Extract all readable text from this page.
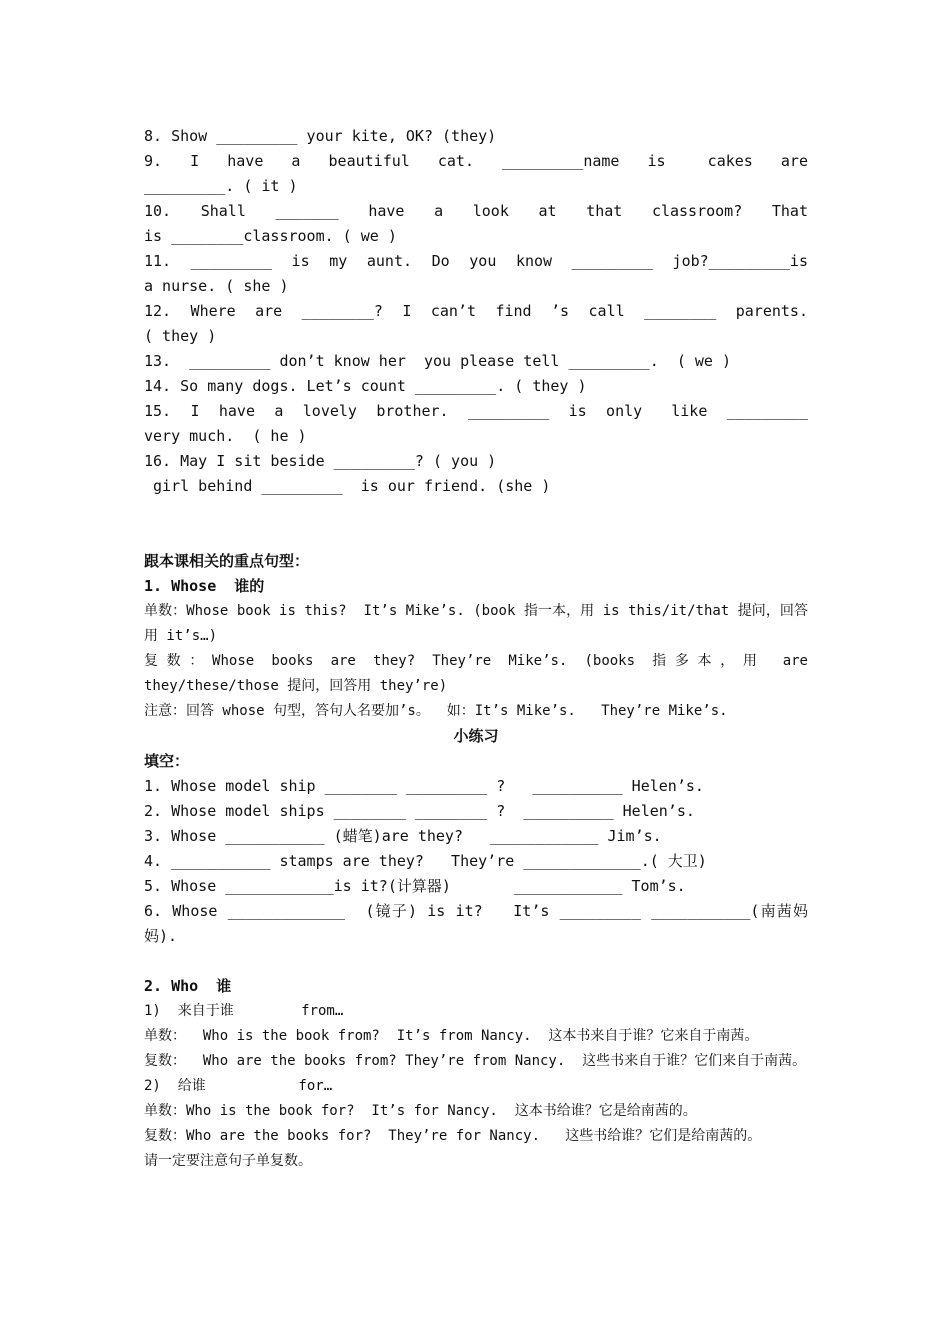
8. Show _________ your kite, OK? (they)
9.  I  have  a  beautiful  cat.  _________name  is   cakes  are  _________. ( it )
10.   Shall   _______   have   a   look   at   that   classroom?   That   is ________classroom. ( we )
11.  _________  is  my  aunt.  Do  you  know  _________  job?_________is  a nurse. ( she )
12.  Where  are  ________?  I  can’t  find  ’s  call  ________  parents. ( they )
13.  _________ don’t know her  you please tell _________.  ( we )
14. So many dogs. Let’s count _________. ( they )
15.  I  have  a  lovely  brother.  _________  is  only   like  _________  very much.  ( he )
16. May I sit beside _________? ( you )
girl behind _________  is our friend. (she )
跟本课相关的重点句型：
1. Whose  谁的
单数：Whose book is this?  It’s Mike’s. (book 指一本，用 is this/it/that 提问，回答用 it’s…)
复数：Whose books are they? They’re Mike’s. (books 指多本，用 are they/these/those 提问，回答用 they’re)
注意：回答 whose 句型，答句人名要加’s。  如：It’s Mike’s.   They’re Mike’s.
小练习
填空：
1. Whose model ship ________ _________ ?   __________ Helen’s.
2. Whose model ships ________ ________ ?  __________ Helen’s.
3. Whose ___________ (蜡笔)are they?   ____________ Jim’s.
4. ___________ stamps are they?   They’re _____________.( 大卫)
5. Whose ____________is it?(计算器)       ____________ Tom’s.
6. Whose _____________  (镜子) is it?   It’s _________ ___________(南茜妈妈).
2. Who  谁
1)  来自于谁        from…
单数：  Who is the book from?  It’s from Nancy.  这本书来自于谁？它来自于南茜。
复数：  Who are the books from? They’re from Nancy.  这些书来自于谁？它们来自于南茜。
2)  给谁           for…
单数：Who is the book for?  It’s for Nancy.  这本书给谁？它是给南茜的。
复数：Who are the books for?  They’re for Nancy.   这些书给谁？它们是给南茜的。
请一定要注意句子单复数。
